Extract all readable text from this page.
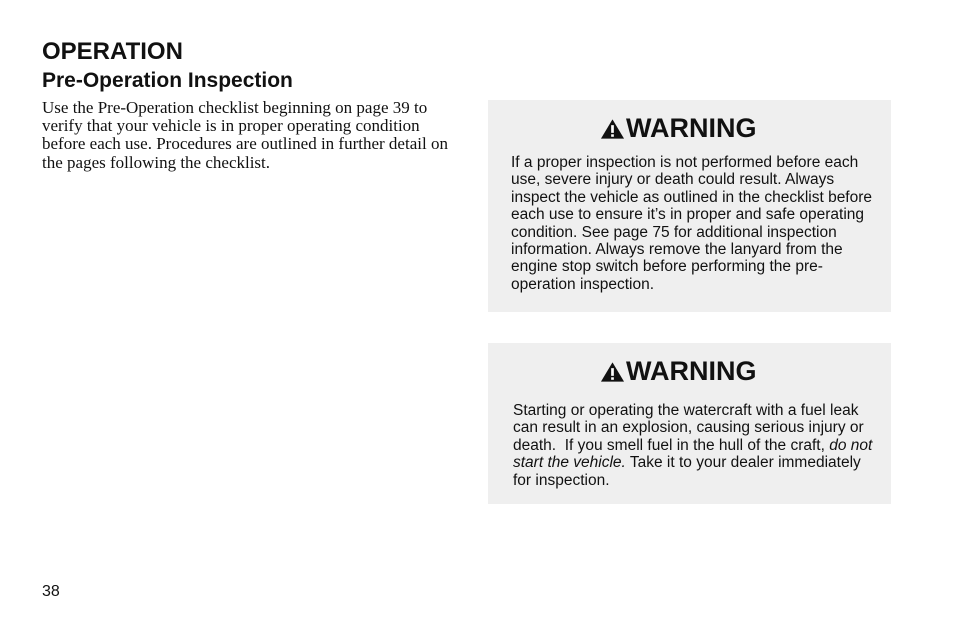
OPERATION
Pre-Operation Inspection

Use the Pre-Operation checklist beginning on page 39 to verify that your vehicle is in proper operating condition before each use. Procedures are outlined in further detail on the pages following the checklist.

WARNING

If a proper inspection is not performed before each use, severe injury or death could result. Always inspect the vehicle as outlined in the checklist before each use to ensure it’s in proper and safe operating condition. See page 75 for additional inspection information. Always remove the lanyard from the engine stop switch before performing the pre-operation inspection.

WARNING

Starting or operating the watercraft with a fuel leak can result in an explosion, causing serious injury or death.  If you smell fuel in the hull of the craft, do not start the vehicle. Take it to your dealer immediately for inspection.

38
